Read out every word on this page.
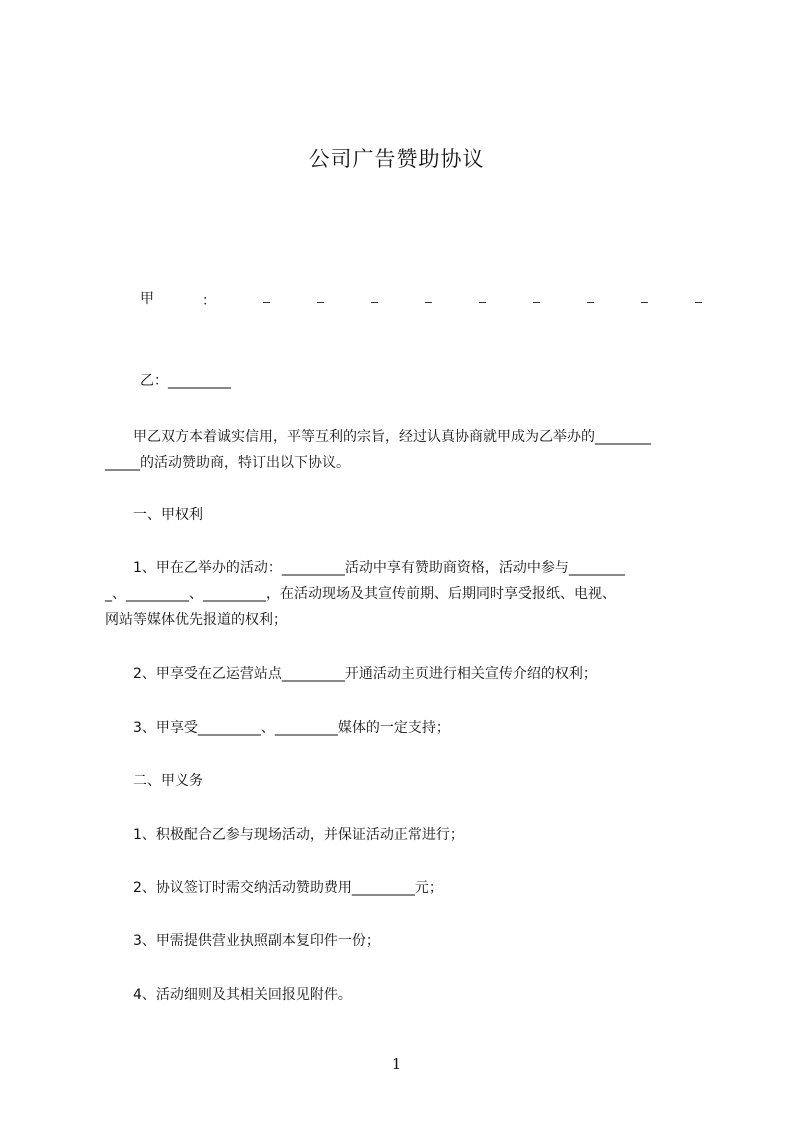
公司广告赞助协议
甲	：
乙：_________
　　甲乙双方本着诚实信用，平等互利的宗旨，经过认真协商就甲成为乙举办的________
_____的活动赞助商，特订出以下协议。
　　一、甲权利
　　1、甲在乙举办的活动：_________活动中享有赞助商资格，活动中参与________
_、_________、_________，在活动现场及其宣传前期、后期同时享受报纸、电视、
网站等媒体优先报道的权利；
　　2、甲享受在乙运营站点_________开通活动主页进行相关宣传介绍的权利；
　　3、甲享受_________、_________媒体的一定支持；
　　二、甲义务
　　1、积极配合乙参与现场活动，并保证活动正常进行；
　　2、协议签订时需交纳活动赞助费用_________元；
　　3、甲需提供营业执照副本复印件一份；
　　4、活动细则及其相关回报见附件。
1
